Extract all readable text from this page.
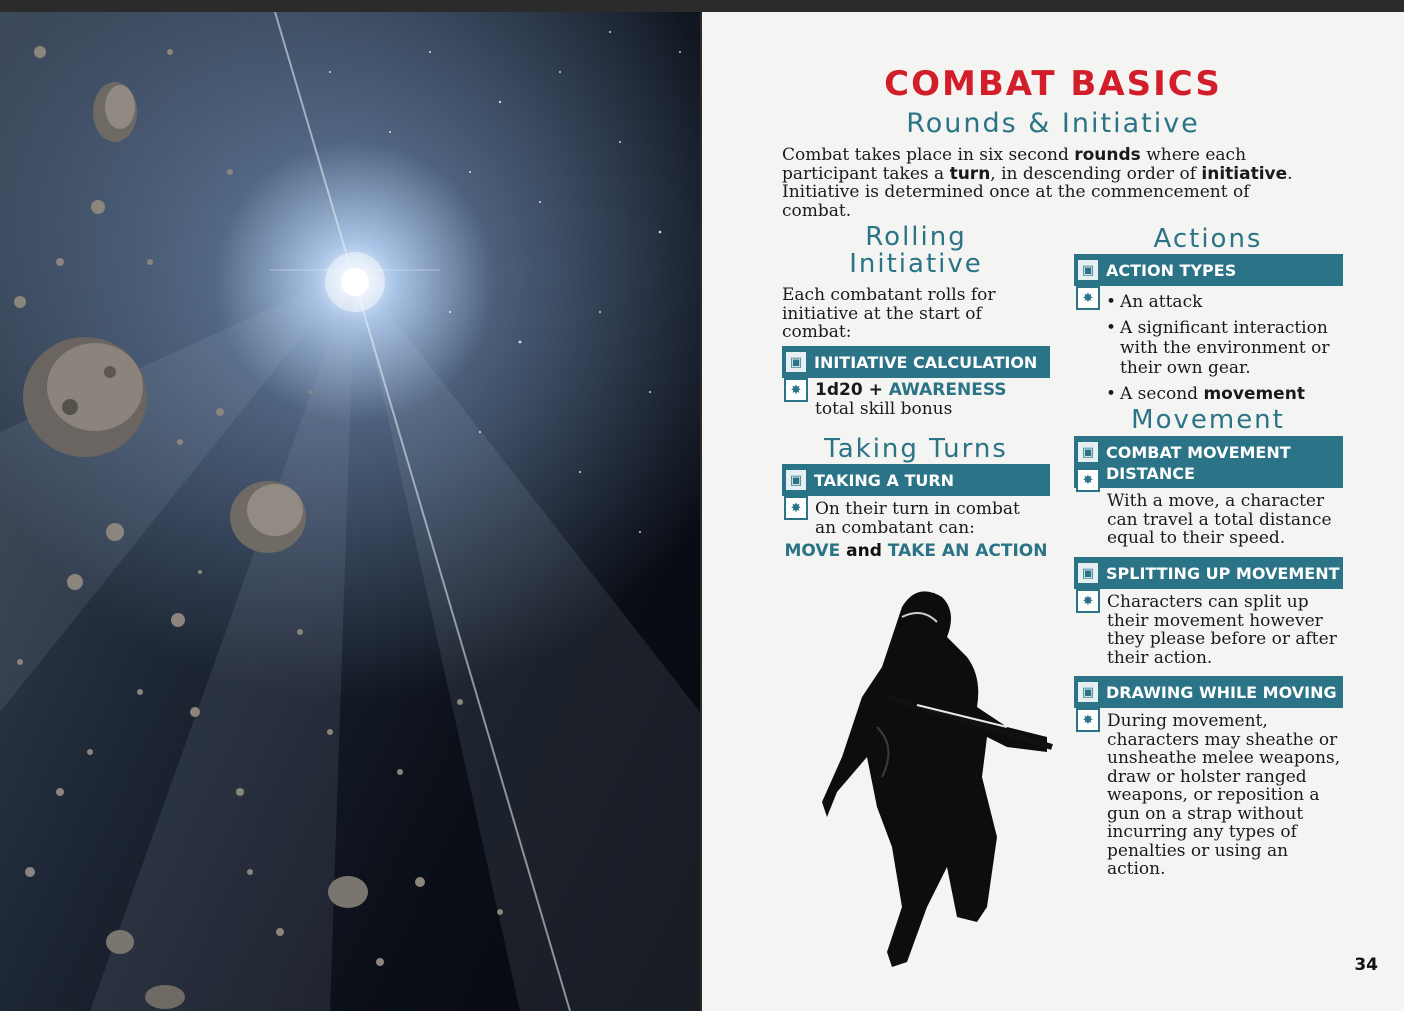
COMBAT BASICS
Rounds & Initiative
Combat takes place in six second rounds where each participant takes a turn, in descending order of initiative. Initiative is determined once at the commencement of combat.
Rolling
Initiative
Each combatant rolls for initiative at the start of combat:
INITIATIVE CALCULATION
▣
✸ 1d20 + AWARENESS total skill bonus
Taking Turns
TAKING A TURN
▣
✸ On their turn in combat an combatant can:
MOVE and TAKE AN ACTION
Actions
ACTION TYPES
▣
✸
•	An attack
• A significant interaction with the environment or their own gear.
• A second movement
Movement
COMBAT MOVEMENT
DISTANCE
▣
✸
With a move, a character can travel a total distance equal to their speed.
SPLITTING UP MOVEMENT
▣
✸ Characters can split up their movement however they please before or after their action.
DRAWING WHILE MOVING
▣
✸ During movement, characters may sheathe or unsheathe melee weapons, draw or holster ranged weapons, or reposition a gun on a strap without incurring any types of penalties or using an action.
34
